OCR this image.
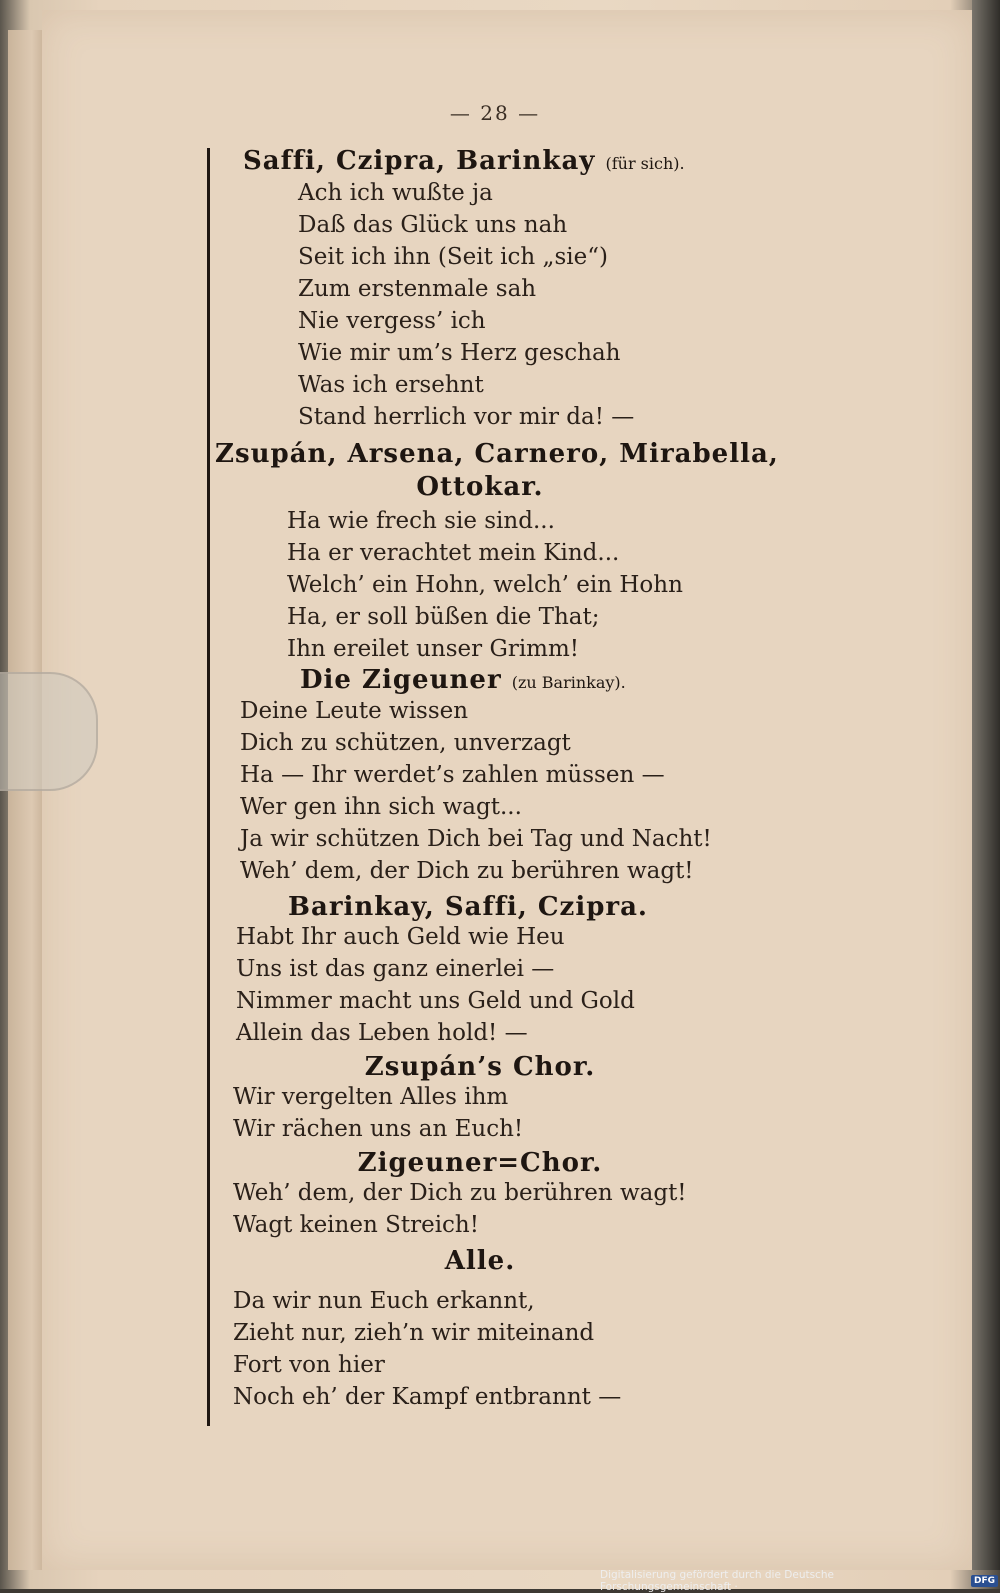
— 28 —
Saffi, Czipra, Barinkay (für sich).
Ach ich wußte ja
Daß das Glück uns nah
Seit ich ihn (Seit ich „sie“)
Zum erstenmale sah
Nie vergess’ ich
Wie mir um’s Herz geschah
Was ich ersehnt
Stand herrlich vor mir da! —
Zsupán, Arsena, Carnero, Mirabella,
Ottokar.
Ha wie frech sie sind...
Ha er verachtet mein Kind...
Welch’ ein Hohn, welch’ ein Hohn
Ha, er soll büßen die That;
Ihn ereilet unser Grimm!
Die Zigeuner (zu Barinkay).
Deine Leute wissen
Dich zu schützen, unverzagt
Ha — Ihr werdet’s zahlen müssen —
Wer gen ihn sich wagt...
Ja wir schützen Dich bei Tag und Nacht!
Weh’ dem, der Dich zu berühren wagt!
Barinkay, Saffi, Czipra.
Habt Ihr auch Geld wie Heu
Uns ist das ganz einerlei —
Nimmer macht uns Geld und Gold
Allein das Leben hold! —
Zsupán’s Chor.
Wir vergelten Alles ihm
Wir rächen uns an Euch!
Zigeuner=Chor.
Weh’ dem, der Dich zu berühren wagt!
Wagt keinen Streich!
Alle.
Da wir nun Euch erkannt,
Zieht nur, zieh’n wir miteinand
Fort von hier
Noch eh’ der Kampf entbrannt —
Digitalisierung gefördert durch die Deutsche Forschungsgemeinschaft ·	DFG
